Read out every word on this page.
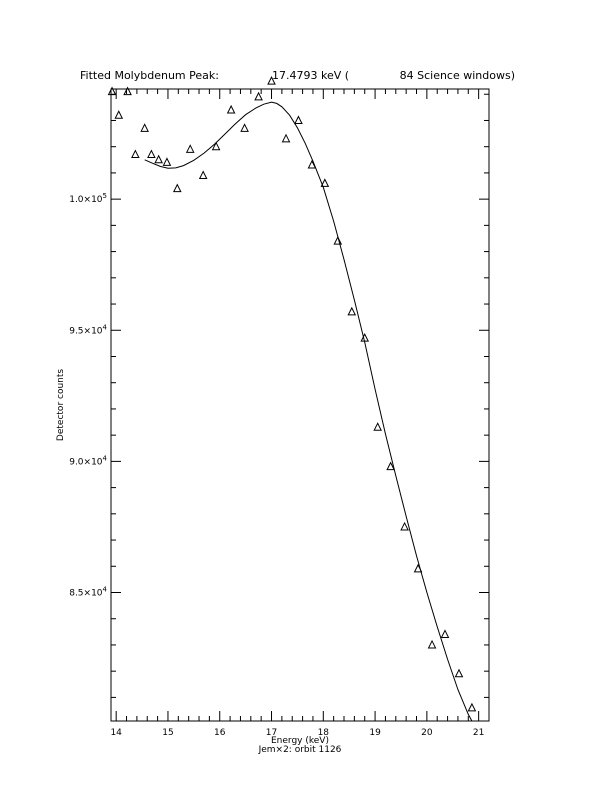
Fitted Molybdenum Peak:	17.4793 keV (	84 Science windows)
14	15	16	17	18	19	20	21
$8.5\times 10^4$
$9.0\times 10^4$
$9.5\times 10^4$
$1.0\times 10^5$
Energy (keV)
Jem×2: orbit 1126
Detector counts
